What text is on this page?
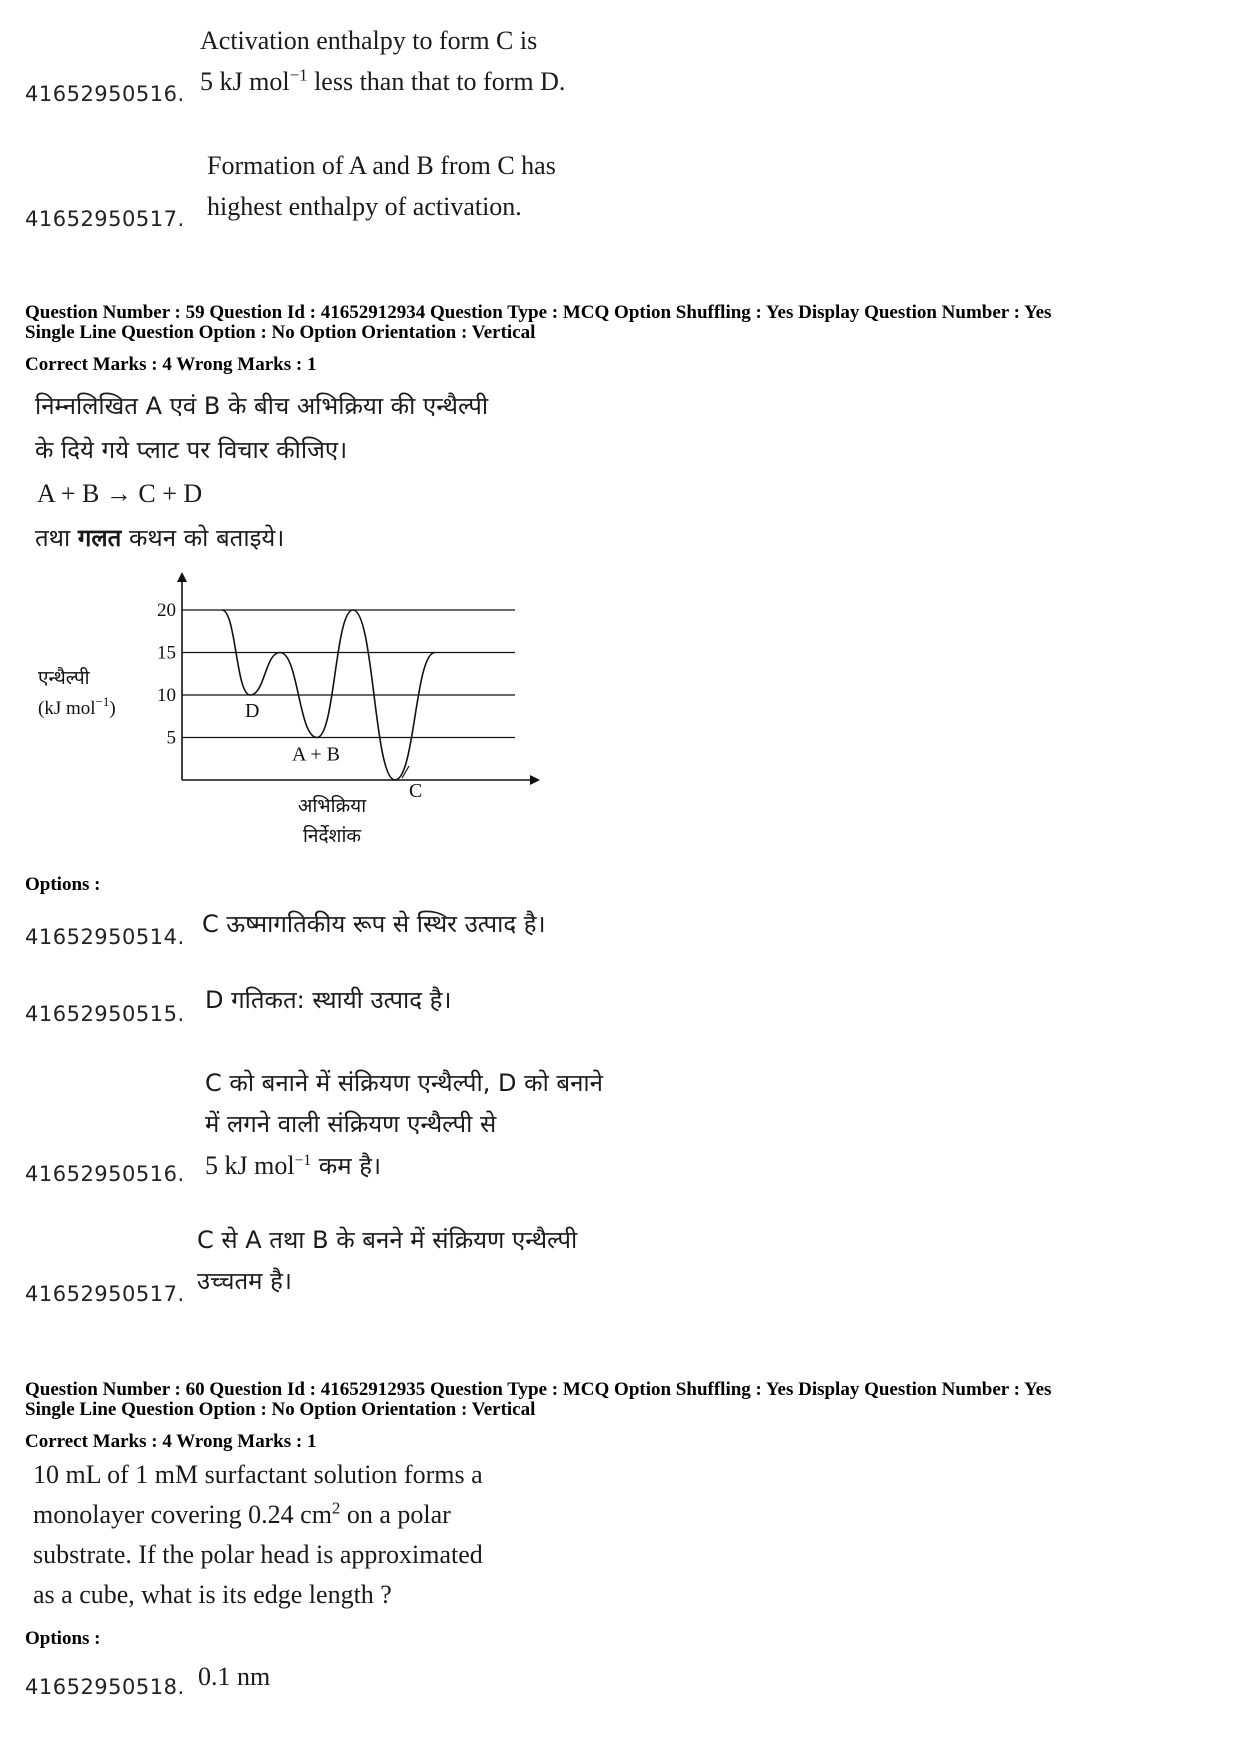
Activation enthalpy to form C is
5 kJ mol$^{-1}$ less than that to form D.
41652950516.
Formation of A and B from C has
highest enthalpy of activation.
41652950517.
Question Number : 59 Question Id : 41652912934 Question Type : MCQ Option Shuffling : Yes Display Question Number : Yes
Single Line Question Option : No Option Orientation : Vertical
Correct Marks : 4 Wrong Marks : 1
निम्नलिखित A एवं B के बीच अभिक्रिया की एन्थैल्पी
के दिये गये प्लाट पर विचार कीजिए।
A + B → C + D
तथा गलत कथन को बताइये।
5
10
15
20
D
A + B
C
एन्थैल्पी
(kJ mol$^{-1}$)
अभिक्रिया
निर्देशांक
Options :
C ऊष्मागतिकीय रूप से स्थिर उत्पाद है।
41652950514.
D गतिकत: स्थायी उत्पाद है।
41652950515.
C को बनाने में संक्रियण एन्थैल्पी, D को बनाने
में लगने वाली संक्रियण एन्थैल्पी से
5 kJ mol$^{-1}$ कम है।
41652950516.
C से A तथा B के बनने में संक्रियण एन्थैल्पी
उच्चतम है।
41652950517.
Question Number : 60 Question Id : 41652912935 Question Type : MCQ Option Shuffling : Yes Display Question Number : Yes
Single Line Question Option : No Option Orientation : Vertical
Correct Marks : 4 Wrong Marks : 1
10 mL of 1 mM surfactant solution forms a
monolayer covering 0.24 $cm^2$ on a polar
substrate. If the polar head is approximated
as a cube, what is its edge length ?
Options :
0.1 nm
41652950518.
